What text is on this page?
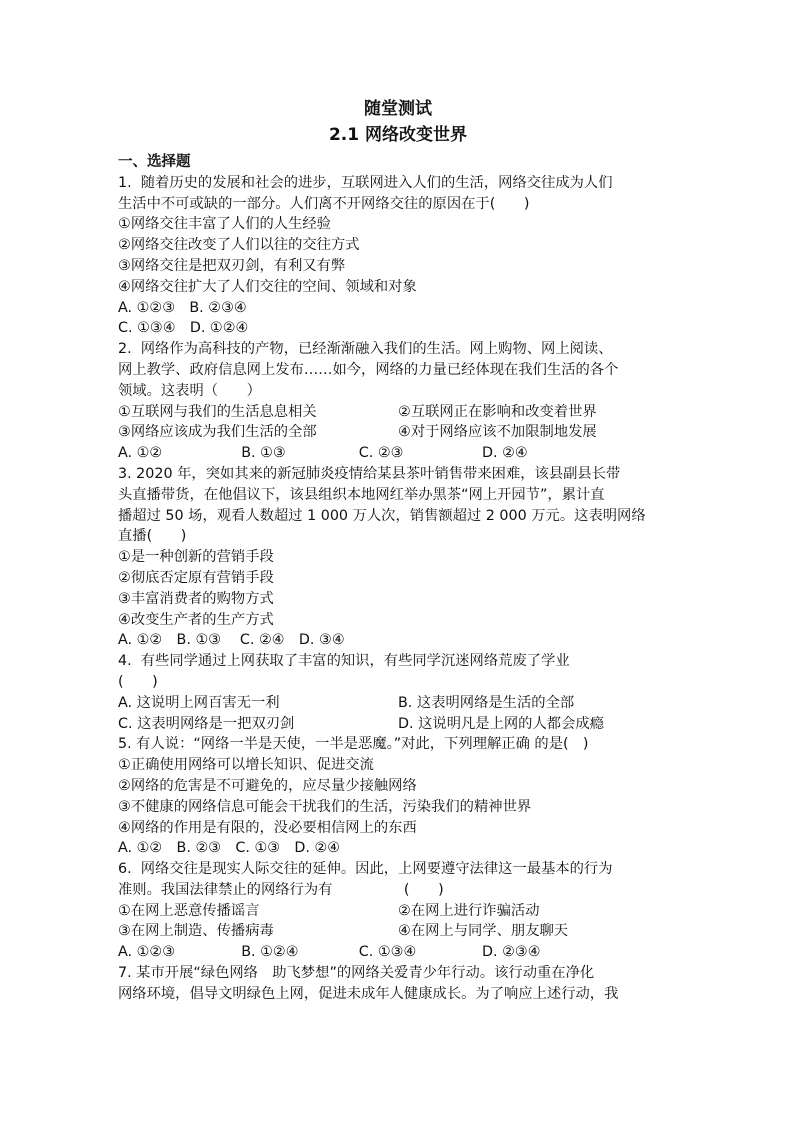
随堂测试
2.1 网络改变世界
一、选择题
1.  随着历史的发展和社会的进步，互联网进入人们的生活，网络交往成为人们
生活中不可或缺的一部分。人们离不开网络交往的原因在于(　　)
①网络交往丰富了人们的人生经验
②网络交往改变了人们以往的交往方式
③网络交往是把双刃剑，有利又有弊
④网络交往扩大了人们交往的空间、领域和对象
A. ①②③　B. ②③④
C. ①③④　D. ①②④
2.  网络作为高科技的产物，已经渐渐融入我们的生活。网上购物、网上阅读、
网上教学、政府信息网上发布……如今，网络的力量已经体现在我们生活的各个
领域。这表明（　　）
①互联网与我们的生活息息相关	②互联网正在影响和改变着世界
③网络应该成为我们生活的全部	④对于网络应该不加限制地发展
A. ①②	B. ①③	C. ②③	D. ②④
3. 2020 年，突如其来的新冠肺炎疫情给某县茶叶销售带来困难，该县副县长带
头直播带货，在他倡议下，该县组织本地网红举办黑茶“网上开园节”，累计直
播超过 50 场，观看人数超过 1 000 万人次，销售额超过 2 000 万元。这表明网络
直播(　　)
①是一种创新的营销手段
②彻底否定原有营销手段
③丰富消费者的购物方式
④改变生产者的生产方式
A. ①②　B. ①③　 C. ②④　D. ③④
4.  有些同学通过上网获取了丰富的知识，有些同学沉迷网络荒废了学业
(　　)
A. 这说明上网百害无一利	B. 这表明网络是生活的全部
C. 这表明网络是一把双刃剑	D. 这说明凡是上网的人都会成瘾
5. 有人说：“网络一半是天使，一半是恶魔。”对此，下列理解正确 的是(　)
①正确使用网络可以增长知识、促进交流
②网络的危害是不可避免的，应尽量少接触网络
③不健康的网络信息可能会干扰我们的生活，污染我们的精神世界
④网络的作用是有限的，没必要相信网上的东西
A. ①②　B. ②③　C. ①③　D. ②④
6.  网络交往是现实人际交往的延伸。因此，上网要遵守法律这一最基本的行为
准则。我国法律禁止的网络行为有　　　　　(　　)
①在网上恶意传播谣言	②在网上进行诈骗活动
③在网上制造、传播病毒	④在网上与同学、朋友聊天
A. ①②③	B. ①②④	C. ①③④	D. ②③④
7. 某市开展“绿色网络　助飞梦想”的网络关爱青少年行动。该行动重在净化
网络环境，倡导文明绿色上网，促进未成年人健康成长。为了响应上述行动，我
